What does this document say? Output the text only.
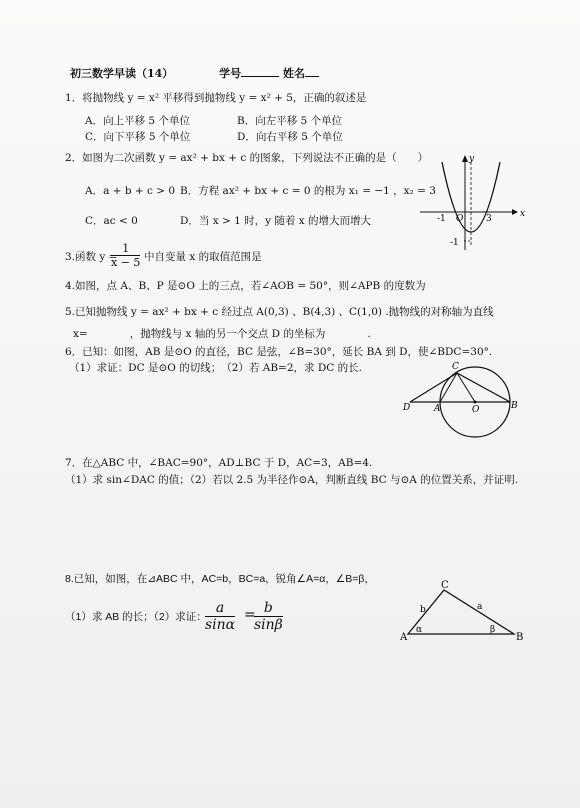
初三数学早读（14）	学号	姓名
1．将抛物线 y = x² 平移得到抛物线 y = x² + 5，正确的叙述是
A．向上平移 5 个单位	B．向左平移 5 个单位
C．向下平移 5 个单位	D．向右平移 5 个单位
2．如图为二次函数 y = ax² + bx + c 的图象，下列说法不正确的是（　　）
A．a + b + c > 0 B．方程 ax² + bx + c = 0 的根为 x₁ = −1 ，x₂ = 3
C．ac < 0	D．当 x > 1 时，y 随着 x 的增大而增大
x
y
-1 O	3
-1
3.函数 y =
$\frac{1}{x - 5}$ 中自变量 x 的取值范围是
4.如图，点 A、B、P 是⊙O 上的三点，若∠AOB = 50°，则∠APB 的度数为
5.已知抛物线 y = ax² + bx + c 经过点 A(0,3) 、B(4,3) 、C(1,0) .抛物线的对称轴为直线
x=　　　　，抛物线与 x 轴的另一个交点 D 的坐标为　　　　.
6．已知：如图，AB 是⊙O 的直径，BC 是弦，∠B=30°，延长 BA 到 D，使∠BDC=30°.
（1）求证：DC 是⊙O 的切线；　（2）若 AB=2，求 DC 的长.
D	A	O	B
C
7．在△ABC 中，∠BAC=90°，AD⊥BC 于 D，AC=3，AB=4.
（1）求 sin∠DAC 的值；（2）若以 2.5 为半径作⊙A，判断直线 BC 与⊙A 的位置关系，并证明.
8.已知，如图，在⊿ABC 中，AC=b，BC=a，锐角∠A=α，∠B=β，
（1）求 AB 的长；（2）求证：
$\frac{a}{\sin\alpha}$ =
$\frac{b}{\sin\beta}$
A	B
C
b	a
α	β
